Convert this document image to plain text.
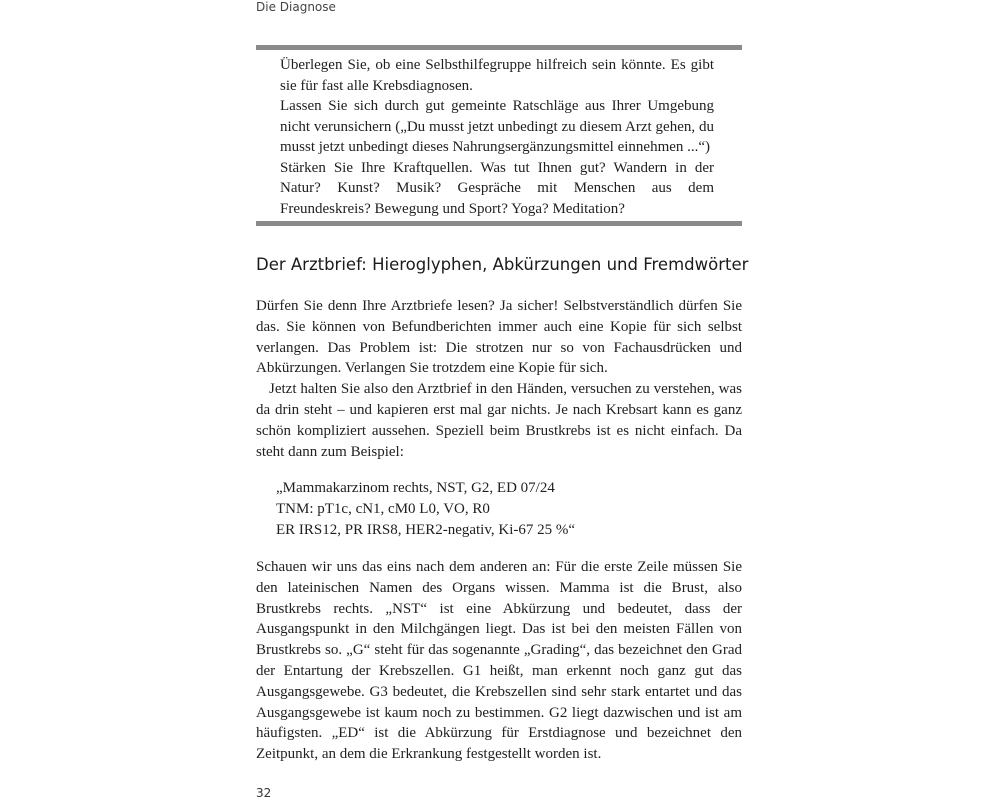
Die Diagnose

Überlegen Sie, ob eine Selbsthilfegruppe hilfreich sein könnte. Es gibt sie für fast alle Krebsdiagnosen.

Lassen Sie sich durch gut gemeinte Ratschläge aus Ihrer Umgebung nicht verunsichern („Du musst jetzt unbedingt zu diesem Arzt gehen, du musst jetzt unbedingt dieses Nahrungsergänzungsmittel einnehmen ...“)

Stärken Sie Ihre Kraftquellen. Was tut Ihnen gut? Wandern in der Natur? Kunst? Musik? Gespräche mit Menschen aus dem Freundeskreis? Bewegung und Sport? Yoga? Meditation?

Der Arztbrief: Hieroglyphen, Abkürzungen und Fremdwörter

Dürfen Sie denn Ihre Arztbriefe lesen? Ja sicher! Selbstverständlich dürfen Sie das. Sie können von Befundberichten immer auch eine Kopie für sich selbst verlangen. Das Problem ist: Die strotzen nur so von Fachausdrücken und Abkürzungen. Verlangen Sie trotzdem eine Kopie für sich.

Jetzt halten Sie also den Arztbrief in den Händen, versuchen zu verstehen, was da drin steht – und kapieren erst mal gar nichts. Je nach Krebsart kann es ganz schön kompliziert aussehen. Speziell beim Brustkrebs ist es nicht einfach. Da steht dann zum Beispiel:

„Mammakarzinom rechts, NST, G2, ED 07/24
TNM: pT1c, cN1, cM0 L0, VO, R0
ER IRS12, PR IRS8, HER2-negativ, Ki-67 25 %“

Schauen wir uns das eins nach dem anderen an: Für die erste Zeile müssen Sie den lateinischen Namen des Organs wissen. Mamma ist die Brust, also Brustkrebs rechts. „NST“ ist eine Abkürzung und bedeutet, dass der Ausgangspunkt in den Milchgängen liegt. Das ist bei den meisten Fällen von Brustkrebs so. „G“ steht für das sogenannte „Grading“, das bezeichnet den Grad der Entartung der Krebszellen. G1 heißt, man erkennt noch ganz gut das Ausgangsgewebe. G3 bedeutet, die Krebszellen sind sehr stark entartet und das Ausgangsgewebe ist kaum noch zu bestimmen. G2 liegt dazwischen und ist am häufigsten. „ED“ ist die Abkürzung für Erstdiagnose und bezeichnet den Zeitpunkt, an dem die Erkrankung festgestellt worden ist.

32
